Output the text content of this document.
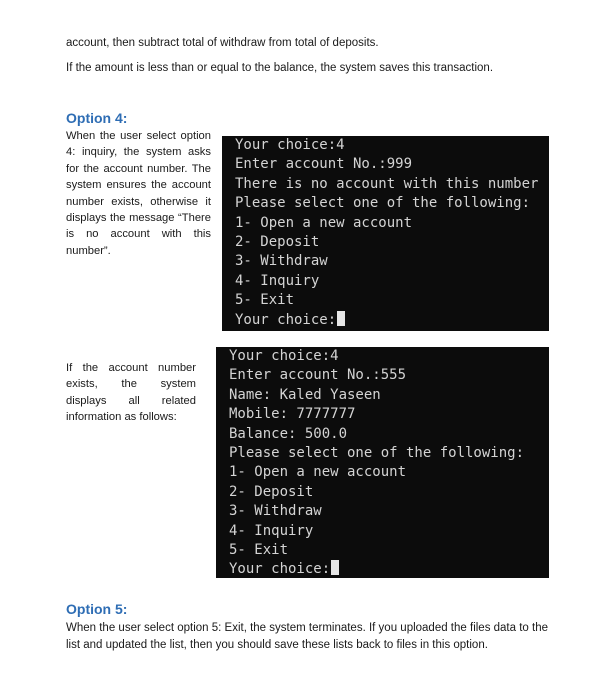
account, then subtract total of withdraw from total of deposits.
If the amount is less than or equal to the balance, the system saves this transaction.
Option 4:
When the user select option
4: inquiry, the system asks
for the account number. The
system ensures the account
number exists, otherwise it
displays the message “There
is no account with this
number”.
Your choice:4
Enter account No.:999
There is no account with this number
Please select one of the following:
1- Open a new account
2- Deposit
3- Withdraw
4- Inquiry
5- Exit
Your choice:
If the account number
exists, the system
displays all related
information as follows:
Your choice:4
Enter account No.:555
Name: Kaled Yaseen
Mobile: 7777777
Balance: 500.0
Please select one of the following:
1- Open a new account
2- Deposit
3- Withdraw
4- Inquiry
5- Exit
Your choice:
Option 5:
When the user select option 5: Exit, the system terminates. If you uploaded the files data to the
list and updated the list, then you should save these lists back to files in this option.
